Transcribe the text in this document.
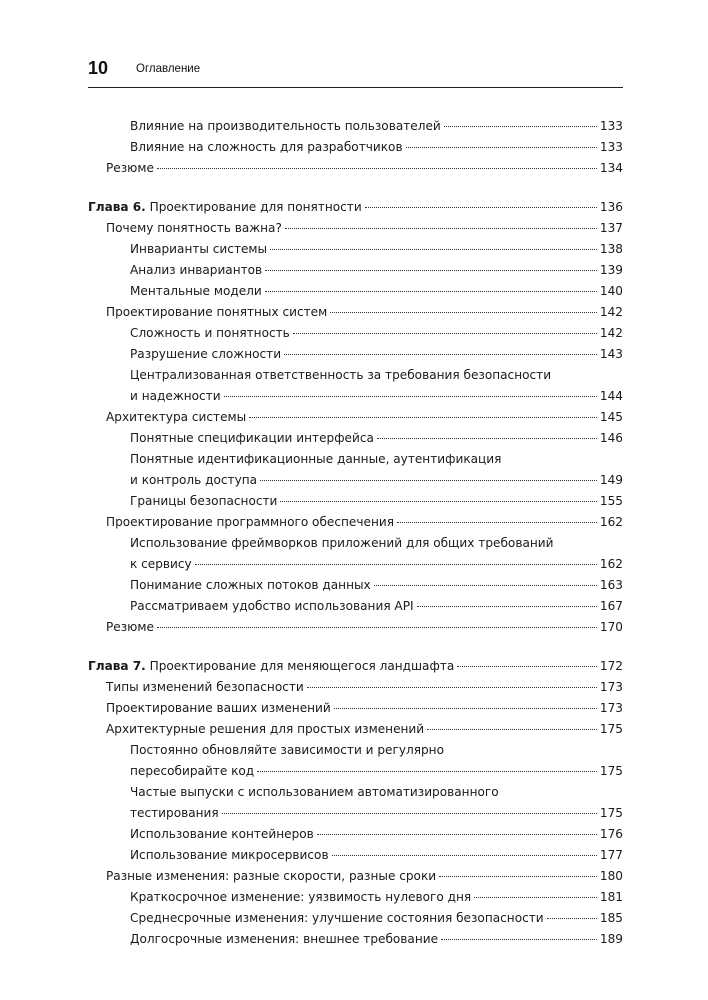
10 Оглавление
Влияние на производительность пользователей	133
Влияние на сложность для разработчиков	133
Резюме	134
Глава 6. Проектирование для понятности	136
Почему понятность важна?	137
Инварианты системы	138
Анализ инвариантов	139
Ментальные модели	140
Проектирование понятных систем	142
Сложность и понятность	142
Разрушение сложности	143
Централизованная ответственность за требования безопасности
и надежности	144
Архитектура системы	145
Понятные спецификации интерфейса	146
Понятные идентификационные данные, аутентификация
и контроль доступа	149
Границы безопасности	155
Проектирование программного обеспечения	162
Использование фреймворков приложений для общих требований
к сервису	162
Понимание сложных потоков данных	163
Рассматриваем удобство использования API	167
Резюме	170
Глава 7. Проектирование для меняющегося ландшафта	172
Типы изменений безопасности	173
Проектирование ваших изменений	173
Архитектурные решения для простых изменений	175
Постоянно обновляйте зависимости и регулярно
пересобирайте код	175
Частые выпуски с использованием автоматизированного
тестирования	175
Использование контейнеров	176
Использование микросервисов	177
Разные изменения: разные скорости, разные сроки	180
Краткосрочное изменение: уязвимость нулевого дня	181
Среднесрочные изменения: улучшение состояния безопасности	185
Долгосрочные изменения: внешнее требование	189
